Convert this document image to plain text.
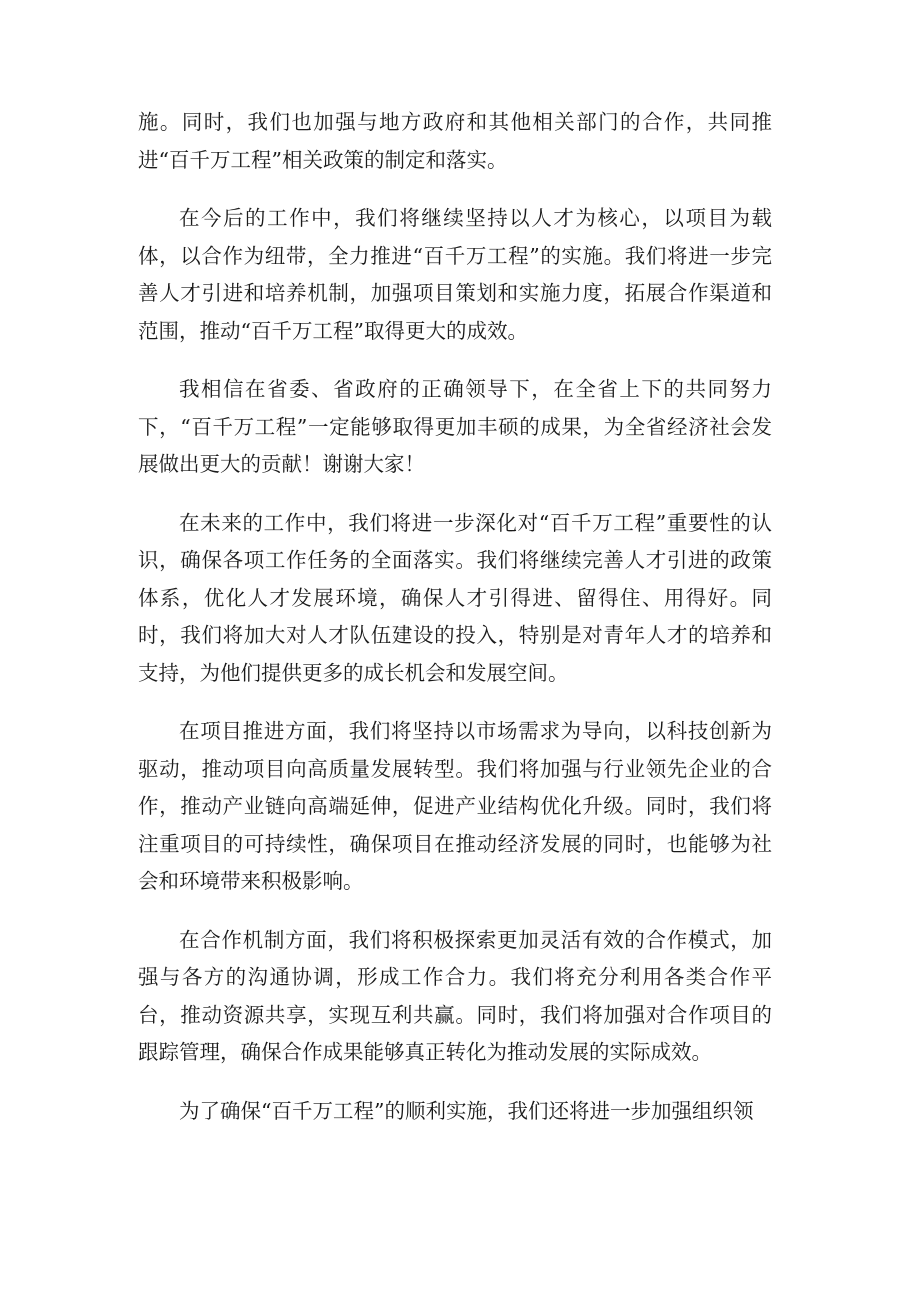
施。同时，我们也加强与地方政府和其他相关部门的合作，共同推进“百千万工程”相关政策的制定和落实。

在今后的工作中，我们将继续坚持以人才为核心，以项目为载体，以合作为纽带，全力推进“百千万工程”的实施。我们将进一步完善人才引进和培养机制，加强项目策划和实施力度，拓展合作渠道和范围，推动“百千万工程”取得更大的成效。

我相信在省委、省政府的正确领导下，在全省上下的共同努力下，“百千万工程”一定能够取得更加丰硕的成果，为全省经济社会发展做出更大的贡献！谢谢大家！

在未来的工作中，我们将进一步深化对“百千万工程”重要性的认识，确保各项工作任务的全面落实。我们将继续完善人才引进的政策体系，优化人才发展环境，确保人才引得进、留得住、用得好。同时，我们将加大对人才队伍建设的投入，特别是对青年人才的培养和支持，为他们提供更多的成长机会和发展空间。

在项目推进方面，我们将坚持以市场需求为导向，以科技创新为驱动，推动项目向高质量发展转型。我们将加强与行业领先企业的合作，推动产业链向高端延伸，促进产业结构优化升级。同时，我们将注重项目的可持续性，确保项目在推动经济发展的同时，也能够为社会和环境带来积极影响。

在合作机制方面，我们将积极探索更加灵活有效的合作模式，加强与各方的沟通协调，形成工作合力。我们将充分利用各类合作平台，推动资源共享，实现互利共赢。同时，我们将加强对合作项目的跟踪管理，确保合作成果能够真正转化为推动发展的实际成效。

为了确保“百千万工程”的顺利实施，我们还将进一步加强组织领
